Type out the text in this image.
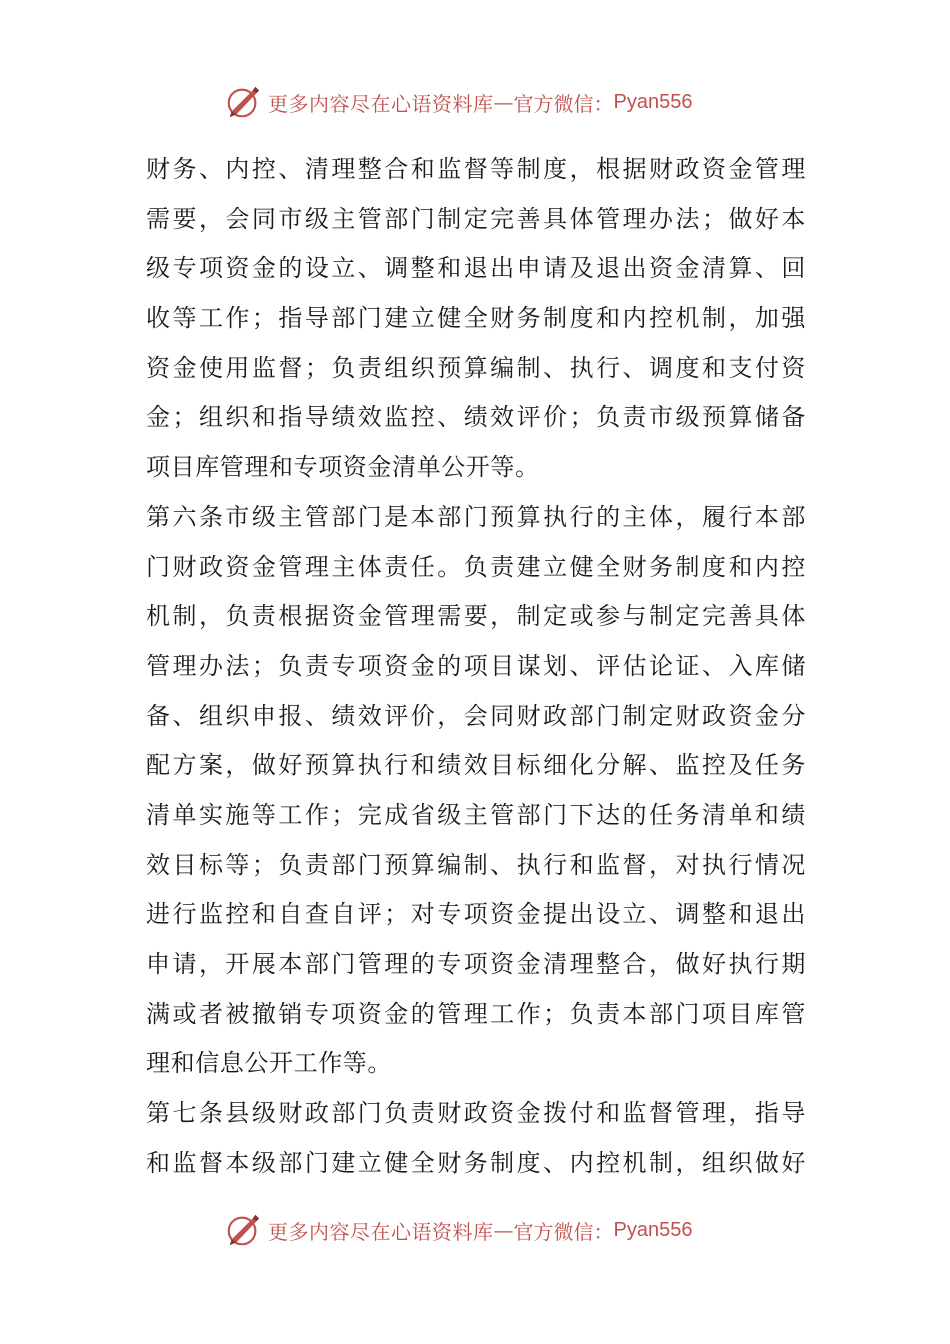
更多内容尽在心语资料库 — 官方微信： Pyan556
财务、内控、清理整合和监督等制度，根据财政资金管理
需要，会同市级主管部门制定完善具体管理办法；做好本
级专项资金的设立、调整和退出申请及退出资金清算、回
收等工作；指导部门建立健全财务制度和内控机制，加强
资金使用监督；负责组织预算编制、执行、调度和支付资
金；组织和指导绩效监控、绩效评价；负责市级预算储备
项目库管理和专项资金清单公开等。
第六条市级主管部门是本部门预算执行的主体，履行本部
门财政资金管理主体责任。负责建立健全财务制度和内控
机制，负责根据资金管理需要，制定或参与制定完善具体
管理办法；负责专项资金的项目谋划、评估论证、入库储
备、组织申报、绩效评价，会同财政部门制定财政资金分
配方案，做好预算执行和绩效目标细化分解、监控及任务
清单实施等工作；完成省级主管部门下达的任务清单和绩
效目标等；负责部门预算编制、执行和监督，对执行情况
进行监控和自查自评；对专项资金提出设立、调整和退出
申请，开展本部门管理的专项资金清理整合，做好执行期
满或者被撤销专项资金的管理工作；负责本部门项目库管
理和信息公开工作等。
第七条县级财政部门负责财政资金拨付和监督管理，指导
和监督本级部门建立健全财务制度、内控机制，组织做好
更多内容尽在心语资料库 — 官方微信： Pyan556
